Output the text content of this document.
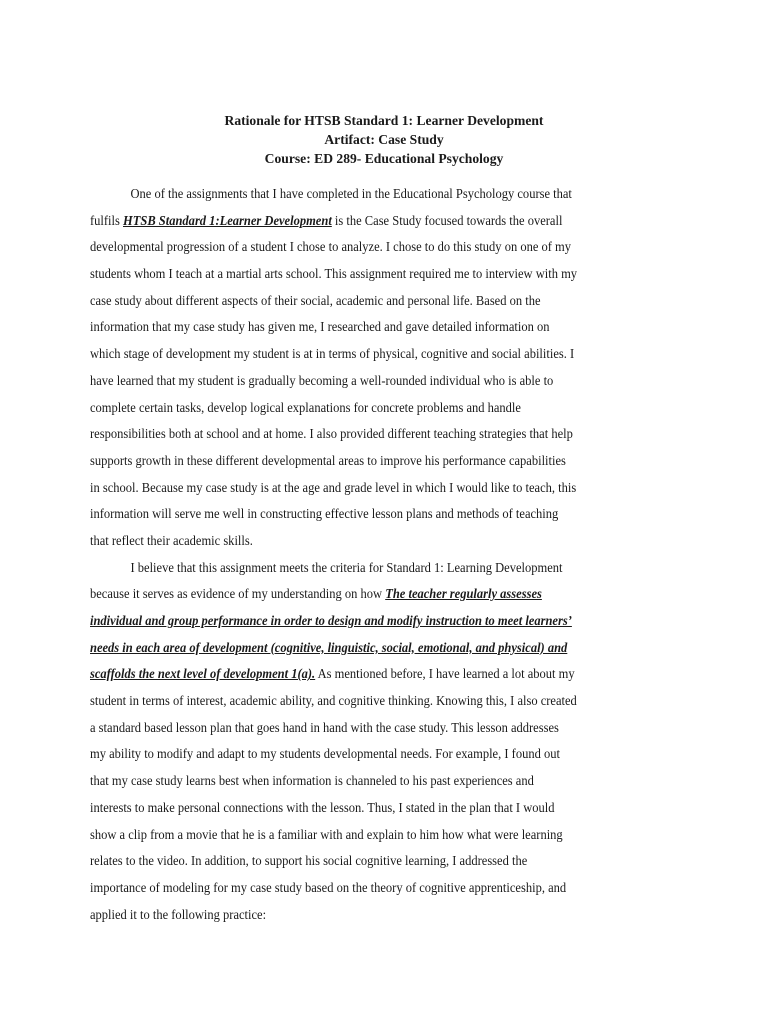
Rationale for HTSB Standard 1: Learner Development
Artifact: Case Study
Course: ED 289- Educational Psychology
One of the assignments that I have completed in the Educational Psychology course that
fulfils HTSB Standard 1:Learner Development is the Case Study focused towards the overall
developmental progression of a student I chose to analyze. I chose to do this study on one of my
students whom I teach at a martial arts school. This assignment required me to interview with my
case study about different aspects of their social, academic and personal life. Based on the
information that my case study has given me, I researched and gave detailed information on
which stage of development my student is at in terms of physical, cognitive and social abilities. I
have learned that my student is gradually becoming a well-rounded individual who is able to
complete certain tasks, develop logical explanations for concrete problems and handle
responsibilities both at school and at home. I also provided different teaching strategies that help
supports growth in these different developmental areas to improve his performance capabilities
in school. Because my case study is at the age and grade level in which I would like to teach, this
information will serve me well in constructing effective lesson plans and methods of teaching
that reflect their academic skills.
I believe that this assignment meets the criteria for Standard 1: Learning Development
because it serves as evidence of my understanding on how The teacher regularly assesses
individual and group performance in order to design and modify instruction to meet learners’
needs in each area of development (cognitive, linguistic, social, emotional, and physical) and
scaffolds the next level of development 1(a). As mentioned before, I have learned a lot about my
student in terms of interest, academic ability, and cognitive thinking. Knowing this, I also created
a standard based lesson plan that goes hand in hand with the case study. This lesson addresses
my ability to modify and adapt to my students developmental needs. For example, I found out
that my case study learns best when information is channeled to his past experiences and
interests to make personal connections with the lesson. Thus, I stated in the plan that I would
show a clip from a movie that he is a familiar with and explain to him how what were learning
relates to the video. In addition, to support his social cognitive learning, I addressed the
importance of modeling for my case study based on the theory of cognitive apprenticeship, and
applied it to the following practice:
